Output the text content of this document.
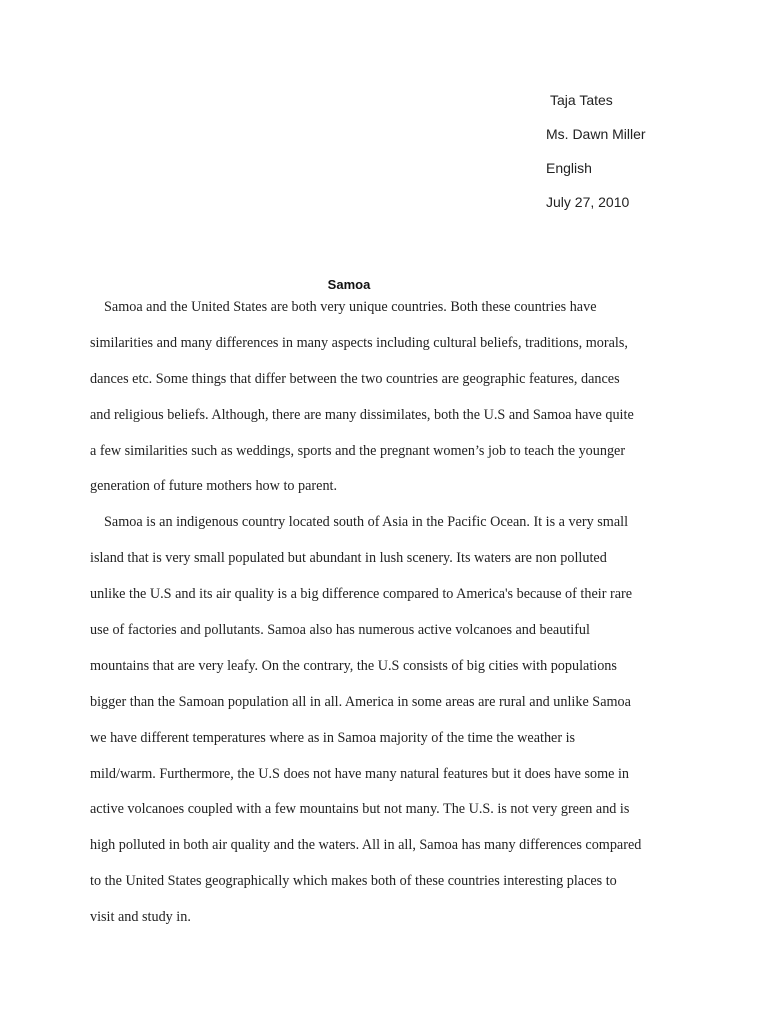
Taja Tates
Ms. Dawn Miller
English
July 27, 2010
Samoa
Samoa and the United States are both very unique countries. Both these countries have
similarities and many differences in many aspects including cultural beliefs, traditions, morals,
dances etc. Some things that differ between the two countries are geographic features, dances
and religious beliefs. Although, there are many dissimilates, both the U.S and Samoa have quite
a few similarities such as weddings, sports and the pregnant women’s job to teach the younger
generation of future mothers how to parent.
Samoa is an indigenous country located south of Asia in the Pacific Ocean. It is a very small
island that is very small populated but abundant in lush scenery. Its waters are non polluted
unlike the U.S and its air quality is a big difference compared to America's because of their rare
use of factories and pollutants. Samoa also has numerous active volcanoes and beautiful
mountains that are very leafy. On the contrary, the U.S consists of big cities with populations
bigger than the Samoan population all in all. America in some areas are rural and unlike Samoa
we have different temperatures where as in Samoa majority of the time the weather is
mild/warm. Furthermore, the U.S does not have many natural features but it does have some in
active volcanoes coupled with a few mountains but not many. The U.S. is not very green and is
high polluted in both air quality and the waters. All in all, Samoa has many differences compared
to the United States geographically which makes both of these countries interesting places to
visit and study in.
